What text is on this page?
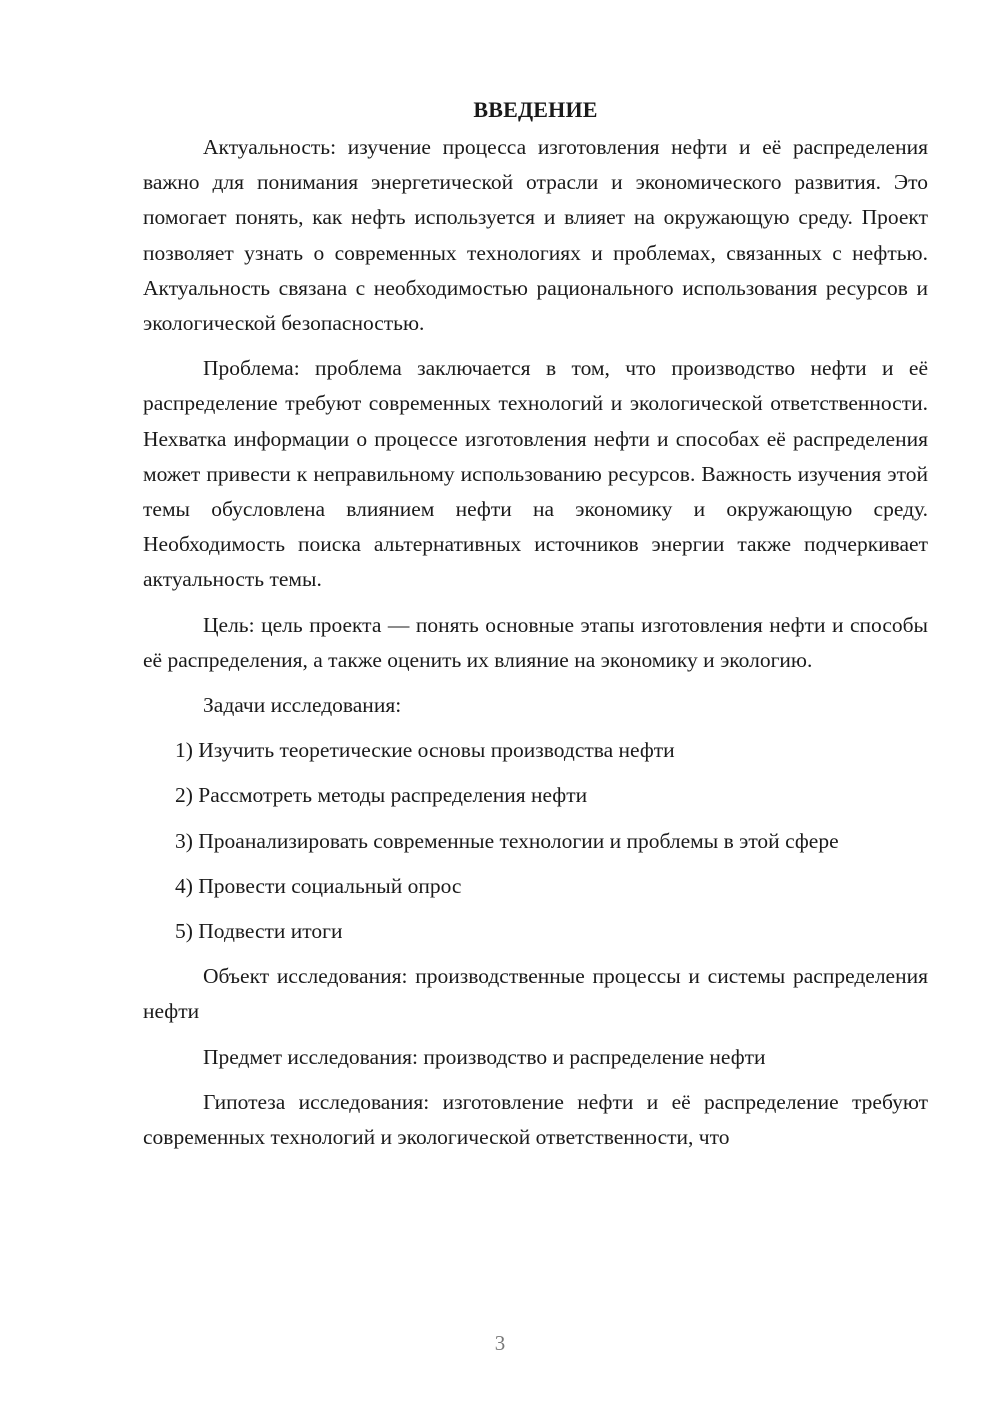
ВВЕДЕНИЕ

Актуальность: изучение процесса изготовления нефти и её распределения важно для понимания энергетической отрасли и экономического развития. Это помогает понять, как нефть используется и влияет на окружающую среду. Проект позволяет узнать о современных технологиях и проблемах, связанных с нефтью. Актуальность связана с необходимостью рационального использования ресурсов и экологической безопасностью.

Проблема: проблема заключается в том, что производство нефти и её распределение требуют современных технологий и экологической ответственности. Нехватка информации о процессе изготовления нефти и способах её распределения может привести к неправильному использованию ресурсов. Важность изучения этой темы обусловлена влиянием нефти на экономику и окружающую среду. Необходимость поиска альтернативных источников энергии также подчеркивает актуальность темы.

Цель: цель проекта — понять основные этапы изготовления нефти и способы её распределения, а также оценить их влияние на экономику и экологию.

Задачи исследования:

1) Изучить теоретические основы производства нефти

2) Рассмотреть методы распределения нефти

3) Проанализировать современные технологии и проблемы в этой сфере

4) Провести социальный опрос

5) Подвести итоги

Объект исследования: производственные процессы и системы распределения нефти

Предмет исследования: производство и распределение нефти

Гипотеза исследования: изготовление нефти и её распределение требуют современных технологий и экологической ответственности, что

3
